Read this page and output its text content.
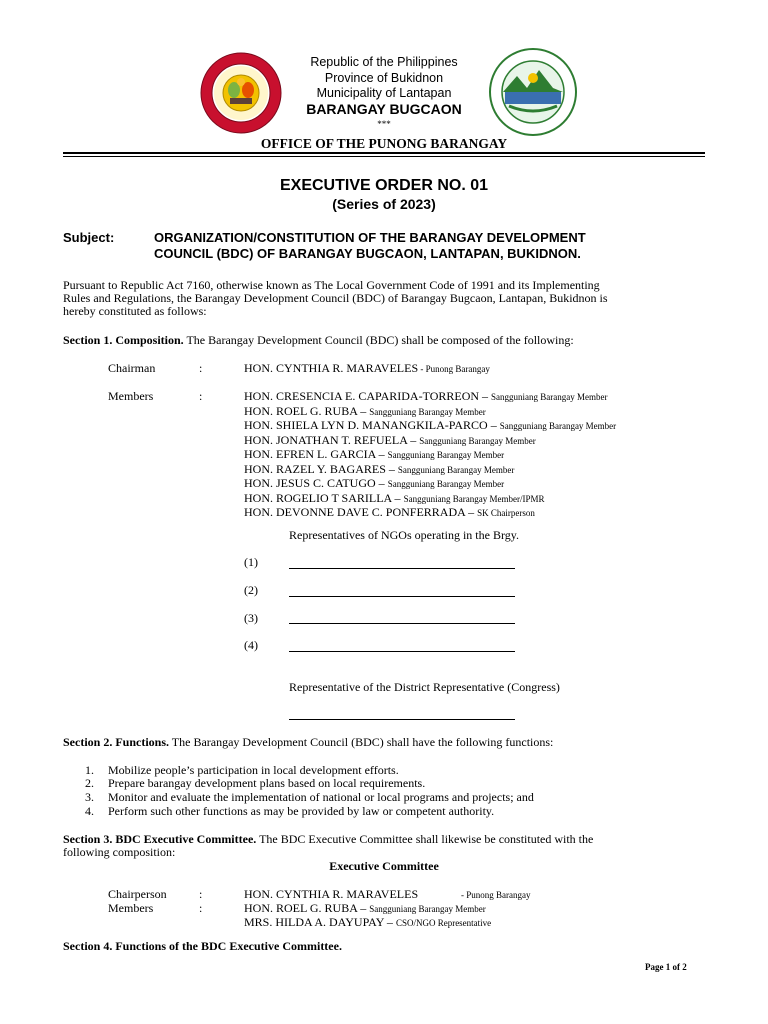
Republic of the Philippines
Province of Bukidnon
Municipality of Lantapan
BARANGAY BUGCAON
***
OFFICE OF THE PUNONG BARANGAY
EXECUTIVE ORDER NO. 01
(Series of 2023)
Subject:	ORGANIZATION/CONSTITUTION OF THE BARANGAY DEVELOPMENT
COUNCIL (BDC) OF BARANGAY BUGCAON, LANTAPAN, BUKIDNON.
Pursuant to Republic Act 7160, otherwise known as The Local Government Code of 1991 and its Implementing
Rules and Regulations, the Barangay Development Council (BDC) of Barangay Bugcaon, Lantapan, Bukidnon is
hereby constituted as follows:
Section 1. Composition. The Barangay Development Council (BDC) shall be composed of the following:
Chairman	:	HON. CYNTHIA R. MARAVELES - Punong Barangay
Members	:	HON. CRESENCIA E. CAPARIDA-TORREON – Sangguniang Barangay Member
HON. ROEL G. RUBA – Sangguniang Barangay Member
HON. SHIELA LYN D. MANANGKILA-PARCO – Sangguniang Barangay Member
HON. JONATHAN T. REFUELA – Sangguniang Barangay Member
HON. EFREN L. GARCIA – Sangguniang Barangay Member
HON. RAZEL Y. BAGARES – Sangguniang Barangay Member
HON. JESUS C. CATUGO – Sangguniang Barangay Member
HON. ROGELIO T SARILLA – Sangguniang Barangay Member/IPMR
HON. DEVONNE DAVE C. PONFERRADA – SK Chairperson
Representatives of NGOs operating in the Brgy.
(1)
(2)
(3)
(4)
Representative of the District Representative (Congress)
Section 2. Functions. The Barangay Development Council (BDC) shall have the following functions:
1. Mobilize people’s participation in local development efforts.
2. Prepare barangay development plans based on local requirements.
3. Monitor and evaluate the implementation of national or local programs and projects; and
4. Perform such other functions as may be provided by law or competent authority.
Section 3. BDC Executive Committee. The BDC Executive Committee shall likewise be constituted with the
following composition:
Executive Committee
Chairperson	:	HON. CYNTHIA R. MARAVELES	- Punong Barangay
Members	:	HON. ROEL G. RUBA – Sangguniang Barangay Member
MRS. HILDA A. DAYUPAY – CSO/NGO Representative
Section 4. Functions of the BDC Executive Committee.
Page 1 of 2
